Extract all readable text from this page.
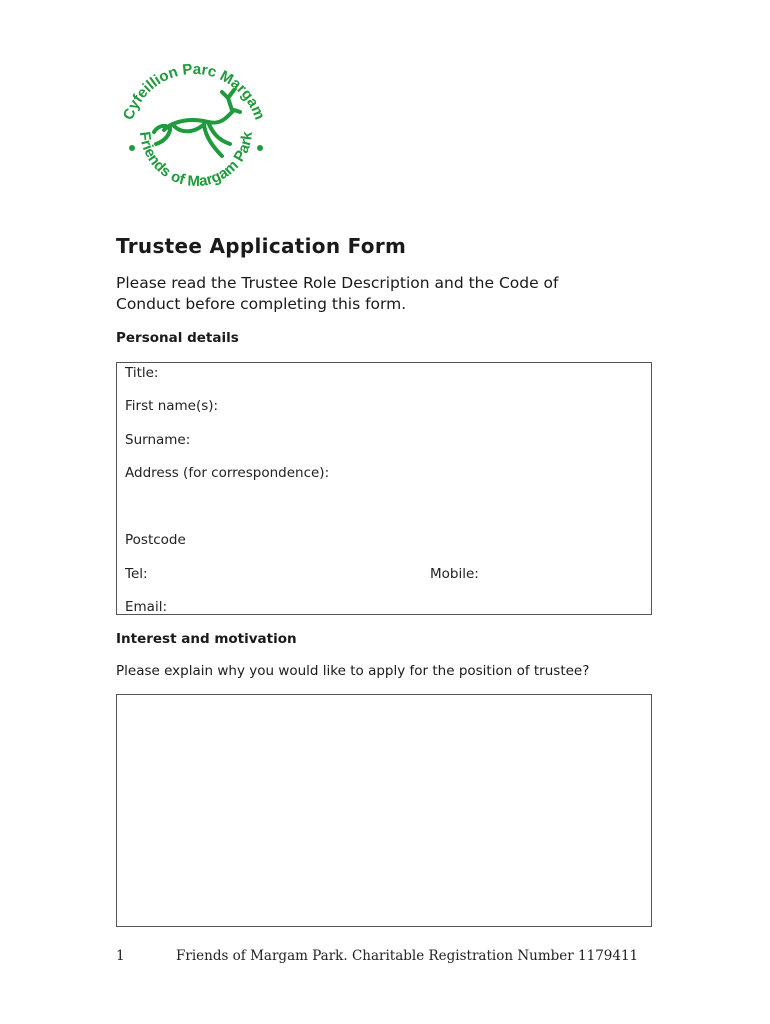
Cyfeillion Parc Margam
Friends of Margam Park
Trustee Application Form
Please read the Trustee Role Description and the Code of Conduct before completing this form.
Personal details
Title:
First name(s):
Surname:
Address (for correspondence):
Postcode
Tel:	Mobile:
Email:
Interest and motivation
Please explain why you would like to apply for the position of trustee?
1	Friends of Margam Park. Charitable Registration Number 1179411
